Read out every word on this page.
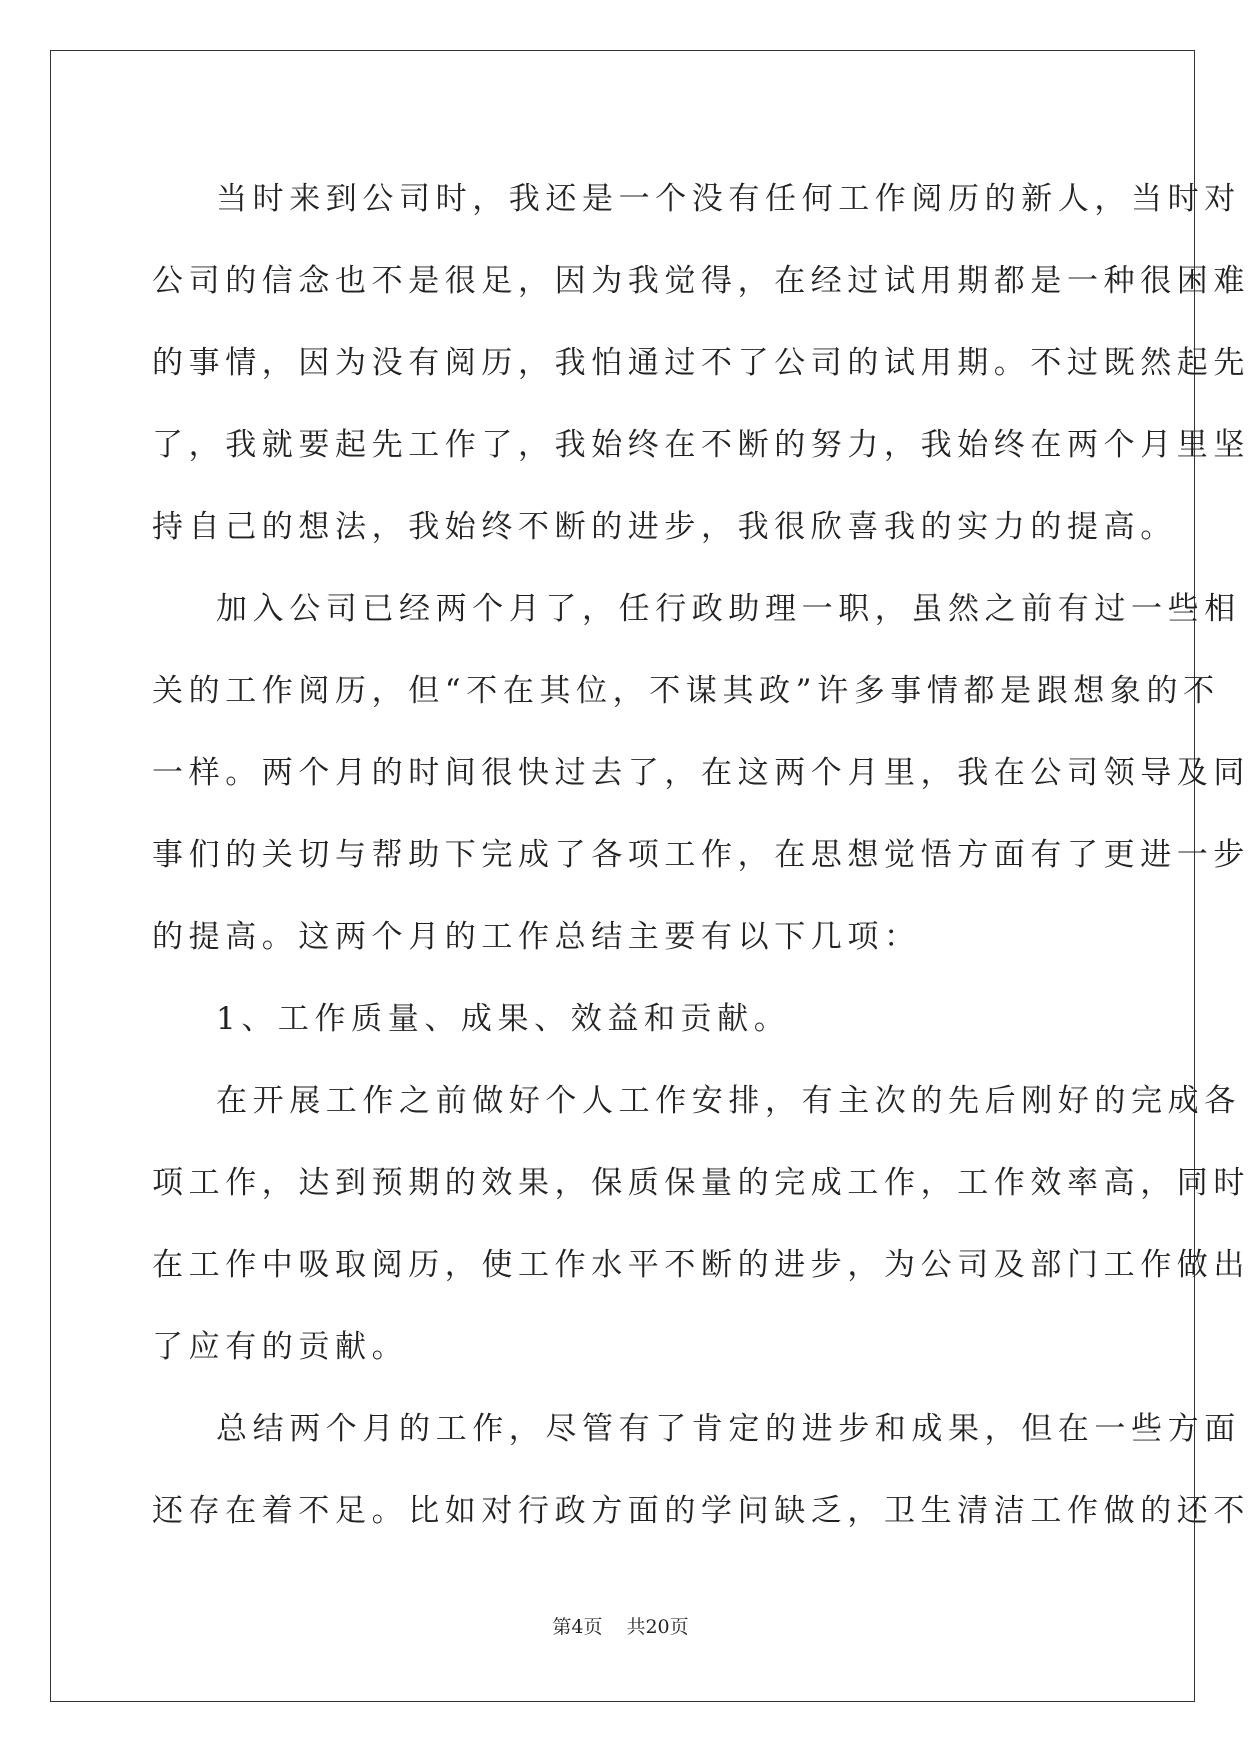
当时来到公司时，我还是一个没有任何工作阅历的新人，当时对
公司的信念也不是很足，因为我觉得，在经过试用期都是一种很困难
的事情，因为没有阅历，我怕通过不了公司的试用期。不过既然起先
了，我就要起先工作了，我始终在不断的努力，我始终在两个月里坚
持自己的想法，我始终不断的进步，我很欣喜我的实力的提高。
加入公司已经两个月了，任行政助理一职，虽然之前有过一些相
关的工作阅历，但“不在其位，不谋其政”许多事情都是跟想象的不
一样。两个月的时间很快过去了，在这两个月里，我在公司领导及同
事们的关切与帮助下完成了各项工作，在思想觉悟方面有了更进一步
的提高。这两个月的工作总结主要有以下几项：
1、工作质量、成果、效益和贡献。
在开展工作之前做好个人工作安排，有主次的先后刚好的完成各
项工作，达到预期的效果，保质保量的完成工作，工作效率高，同时
在工作中吸取阅历，使工作水平不断的进步，为公司及部门工作做出
了应有的贡献。
总结两个月的工作，尽管有了肯定的进步和成果，但在一些方面
还存在着不足。比如对行政方面的学问缺乏，卫生清洁工作做的还不
第4页 共20页
